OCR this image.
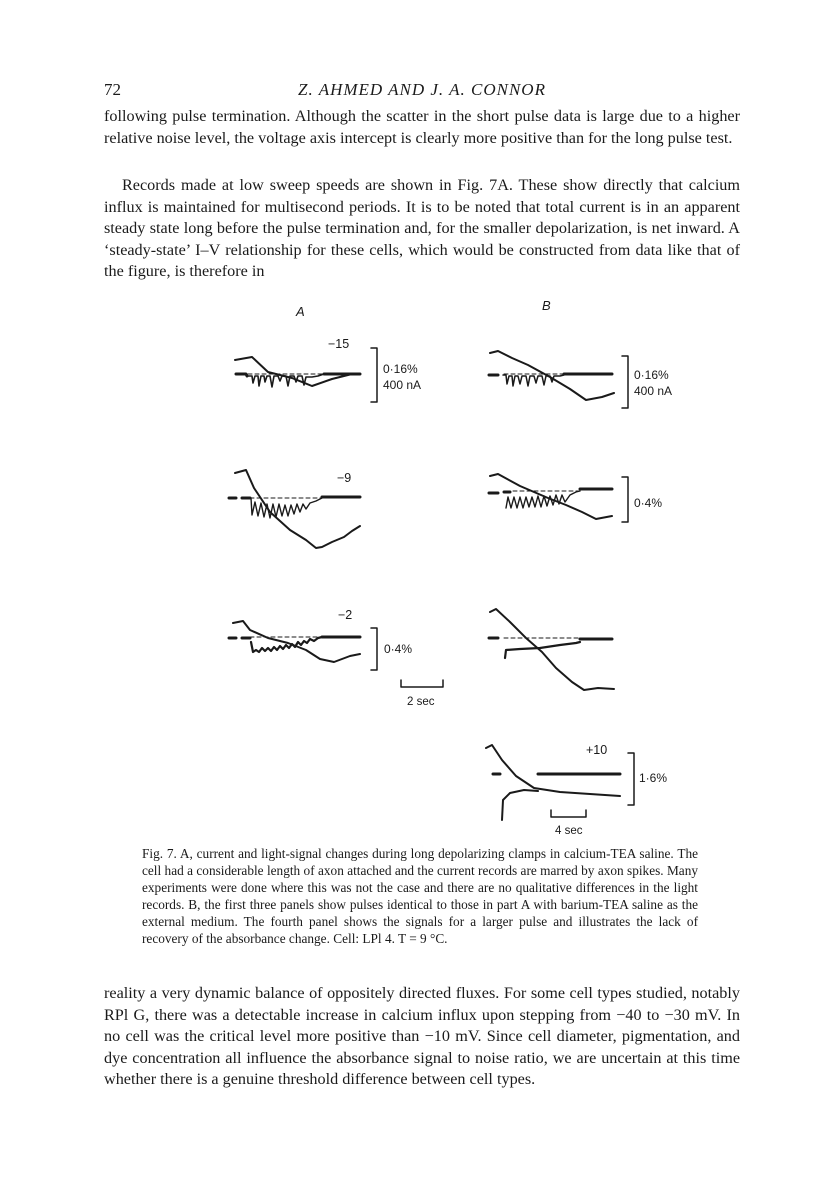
72	Z. AHMED AND J. A. CONNOR

following pulse termination. Although the scatter in the short pulse data is large due to a higher relative noise level, the voltage axis intercept is clearly more positive than for the long pulse test.

Records made at low sweep speeds are shown in Fig. 7A. These show directly that calcium influx is maintained for multisecond periods. It is to be noted that total current is in an apparent steady state long before the pulse termination and, for the smaller depolarization, is net inward. A ‘steady-state’ I–V relationship for these cells, which would be constructed from data like that of the figure, is therefore in

A	B
−15
0·16%
400 nA
−9
−2
0·4%
2 sec
0·16%
400 nA
0·4%
+10
1·6%
4 sec

Fig. 7. A, current and light-signal changes during long depolarizing clamps in calcium-TEA saline. The cell had a considerable length of axon attached and the current records are marred by axon spikes. Many experiments were done where this was not the case and there are no qualitative differences in the light records. B, the first three panels show pulses identical to those in part A with barium-TEA saline as the external medium. The fourth panel shows the signals for a larger pulse and illustrates the lack of recovery of the absorbance change. Cell: LPl 4. T = 9 °C.

reality a very dynamic balance of oppositely directed fluxes. For some cell types studied, notably RPl G, there was a detectable increase in calcium influx upon stepping from −40 to −30 mV. In no cell was the critical level more positive than −10 mV. Since cell diameter, pigmentation, and dye concentration all influence the absorbance signal to noise ratio, we are uncertain at this time whether there is a genuine threshold difference between cell types.
